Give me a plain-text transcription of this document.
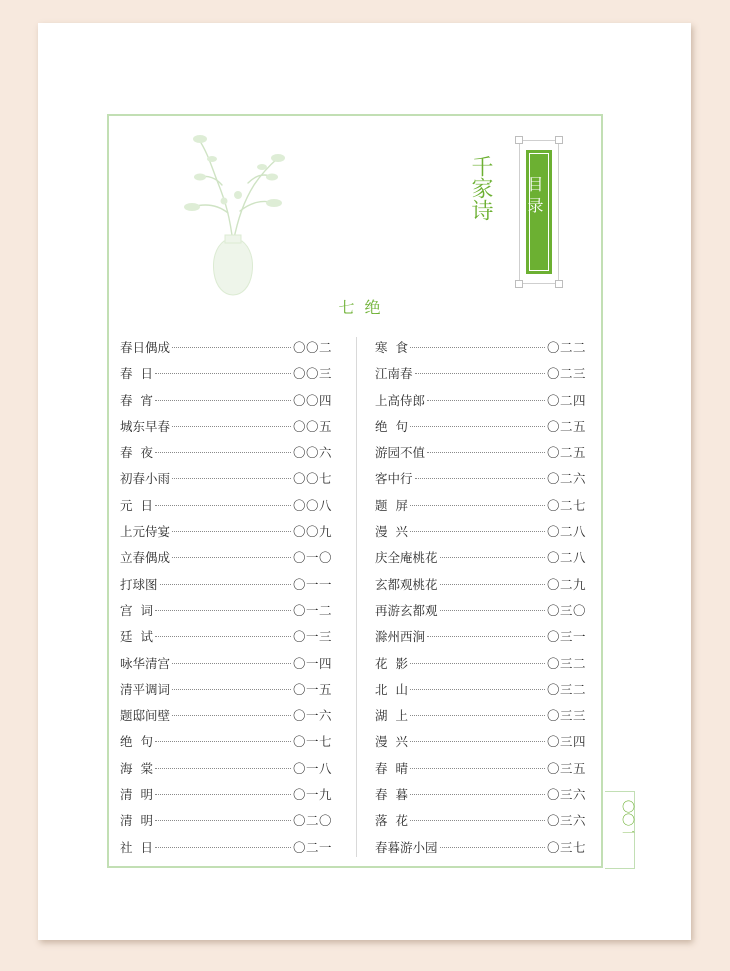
千家诗 目 录
七绝
春日偶成	〇〇二
春  日	〇〇三
春  宵	〇〇四
城东早春	〇〇五
春  夜	〇〇六
初春小雨	〇〇七
元  日	〇〇八
上元侍宴	〇〇九
立春偶成	〇一〇
打球图	〇一一
宫  词	〇一二
廷  试	〇一三
咏华清宫	〇一四
清平调词	〇一五
题邸间壁	〇一六
绝  句	〇一七
海  棠	〇一八
清  明	〇一九
清  明	〇二〇
社  日	〇二一
寒  食	〇二二
江南春	〇二三
上高侍郎	〇二四
绝  句	〇二五
游园不值	〇二五
客中行	〇二六
题  屏	〇二七
漫  兴	〇二八
庆全庵桃花	〇二八
玄都观桃花	〇二九
再游玄都观	〇三〇
滁州西涧	〇三一
花  影	〇三二
北  山	〇三二
湖  上	〇三三
漫  兴	〇三四
春  晴	〇三五
春  暮	〇三六
落  花	〇三六
春暮游小园	〇三七
〇〇一
